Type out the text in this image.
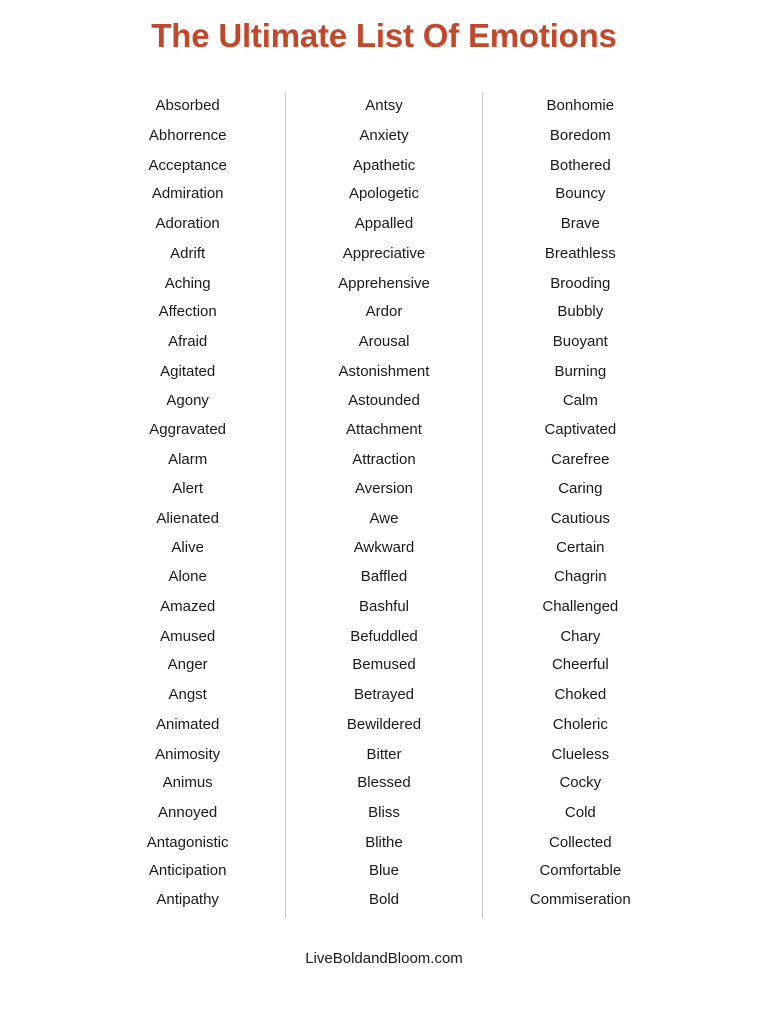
The Ultimate List Of Emotions
Absorbed
Abhorrence
Acceptance
Admiration
Adoration
Adrift
Aching
Affection
Afraid
Agitated
Agony
Aggravated
Alarm
Alert
Alienated
Alive
Alone
Amazed
Amused
Anger
Angst
Animated
Animosity
Animus
Annoyed
Antagonistic
Anticipation
Antipathy
Antsy
Anxiety
Apathetic
Apologetic
Appalled
Appreciative
Apprehensive
Ardor
Arousal
Astonishment
Astounded
Attachment
Attraction
Aversion
Awe
Awkward
Baffled
Bashful
Befuddled
Bemused
Betrayed
Bewildered
Bitter
Blessed
Bliss
Blithe
Blue
Bold
Bonhomie
Boredom
Bothered
Bouncy
Brave
Breathless
Brooding
Bubbly
Buoyant
Burning
Calm
Captivated
Carefree
Caring
Cautious
Certain
Chagrin
Challenged
Chary
Cheerful
Choked
Choleric
Clueless
Cocky
Cold
Collected
Comfortable
Commiseration
LiveBoldandBloom.com
